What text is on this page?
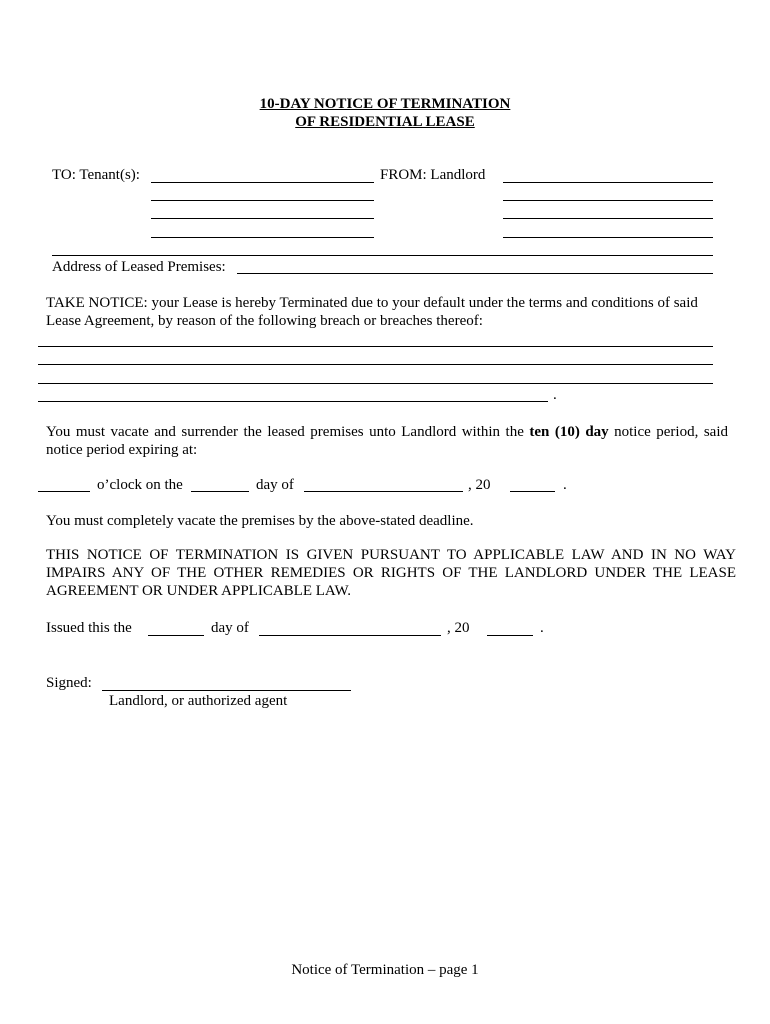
10-DAY NOTICE OF TERMINATION
OF RESIDENTIAL LEASE
TO: Tenant(s):	FROM: Landlord
Address of Leased Premises:
TAKE NOTICE: your Lease is hereby Terminated due to your default under the terms and conditions of said Lease Agreement, by reason of the following breach or breaches thereof:
.
You must vacate and surrender the leased premises unto Landlord within the ten (10) day notice period, said notice period expiring at:
o’clock on the	day of	, 20	.
You must completely vacate the premises by the above-stated deadline.
THIS NOTICE OF TERMINATION IS GIVEN PURSUANT TO APPLICABLE LAW AND IN NO WAY IMPAIRS ANY OF THE OTHER REMEDIES OR RIGHTS OF THE LANDLORD UNDER THE LEASE AGREEMENT OR UNDER APPLICABLE LAW.
Issued this the	day of	, 20	.
Signed:
Landlord, or authorized agent
Notice of Termination – page 1
